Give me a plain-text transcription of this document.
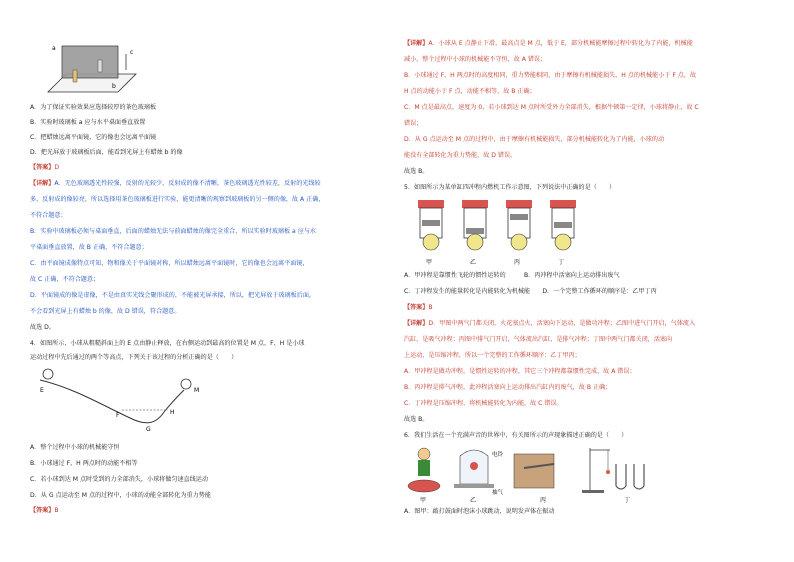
a
b
c
A．为了保证实验效果应选择较厚的茶色玻璃板
B．实验时玻璃板 a 应与水平桌面垂直放置
C．把蜡烛远离平面镜，它的像也会远离平面镜
D．把光屏放于玻璃板后面，能看到光屏上有蜡烛 b 的像
【答案】D
【详解】A．无色玻璃透光性较强，反射的光较少，反射成的像不清晰，茶色玻璃透光性较差，反射的光线较
多，反射成的像较亮，所以选择用茶色玻璃板进行实验，能更清晰的观察到玻璃板的另一侧的像，故 A 正确，
不符合题意；
B．实验中玻璃板必须与桌面垂直，后面的蜡烛无法与前面蜡烛的像完全重合，所以实验时玻璃板 a 应与水
平桌面垂直放置，故 B 正确，不符合题意；
C．由平面镜成像特点可知，物和像关于平面镜对称，所以蜡烛远离平面镜时，它的像也会远离平面镜，
故 C 正确，不符合题意；
D．平面镜成的像是虚像，不是由真实光线会聚形成的，不能被光屏承接，所以，把光屏放于玻璃板后面，
不会看到光屏上有蜡烛 b 的像，故 D 错误，符合题意。
故选 D。
4．如图所示，小球从粗糙斜面上的 E 点由静止释放，在右侧运动到最高的位置是 M 点，F、H 是小球
运动过程中先后通过的两个等高点，下列关于该过程的分析正确的是（　　）
E
F
G
H
M
A．整个过程中小球的机械能守恒
B．小球通过 F、H 两点时的动能不相等
C．若小球到达 M 点时受到的力全部消失，小球将做匀速直线运动
D．从 G 点运动至 M 点的过程中，小球的动能全部转化为重力势能
【答案】B
【详解】A．小球从 E 点静止下滑，最高点是 M 点，低于 E，部分机械能摩擦过程中转化为了内能，机械能
减小，整个过程中小球的机械能不守恒，故 A 错误；
B．小球通过 F、H 两点时的高度相同，重力势能相同，由于摩擦有机械能损失，H 点的机械能小于 F 点，故
H 点的动能小于 F 点，动能不相等，故 B 正确；
C．M 点是最高点，速度为 0，若小球到达 M 点时所受外力全部消失，根据牛顿第一定律，小球将静止，故 C
错误；
D．从 G 点运动至 M 点的过程中，由于摩擦有机械能损失，部分机械能转化为了内能，小球的动
能没有全部转化为重力势能，故 D 错误。
故选 B。
5．如图所示为某单缸四冲程内燃机工作示意图，下列说法中正确的是（　　）
甲	乙	丙	丁
A．甲冲程是靠惯性飞轮的惯性运转的　　　B．丙冲程中活塞向上运动排出废气
C．丁冲程发生的能量转化是内能转化为机械能　　D．一个完整工作循环的顺序是：乙甲丁丙
【答案】B
【详解】D．甲图中两气门都关闭，火花塞点火，活塞向下运动，是做功冲程；乙图中进气门开启，气体流入
汽缸，是吸气冲程；丙图中排气门开启，气体流出汽缸，是排气冲程；丁图中两气门都关闭，活塞向
上运动，是压缩冲程，所以一个完整的工作循环顺序：乙丁甲丙；
A．甲冲程是做功冲程，是惯性运转的冲程，其它三个冲程都靠惯性完成，故 A 错误；
B．丙冲程是排气冲程，此冲程活塞向上运动排出汽缸内的废气，故 B 正确；
C．丁冲程是压缩冲程，将机械能转化为内能，故 C 错误。
故选 B。
6．我们生活在一个充满声音的世界中，有关图所示的声现象描述正确的是（　　）
甲
电铃
抽气
乙	丙	丁
A．图甲：敲打鼓面时泡沫小球跳动，说明发声体在振动
